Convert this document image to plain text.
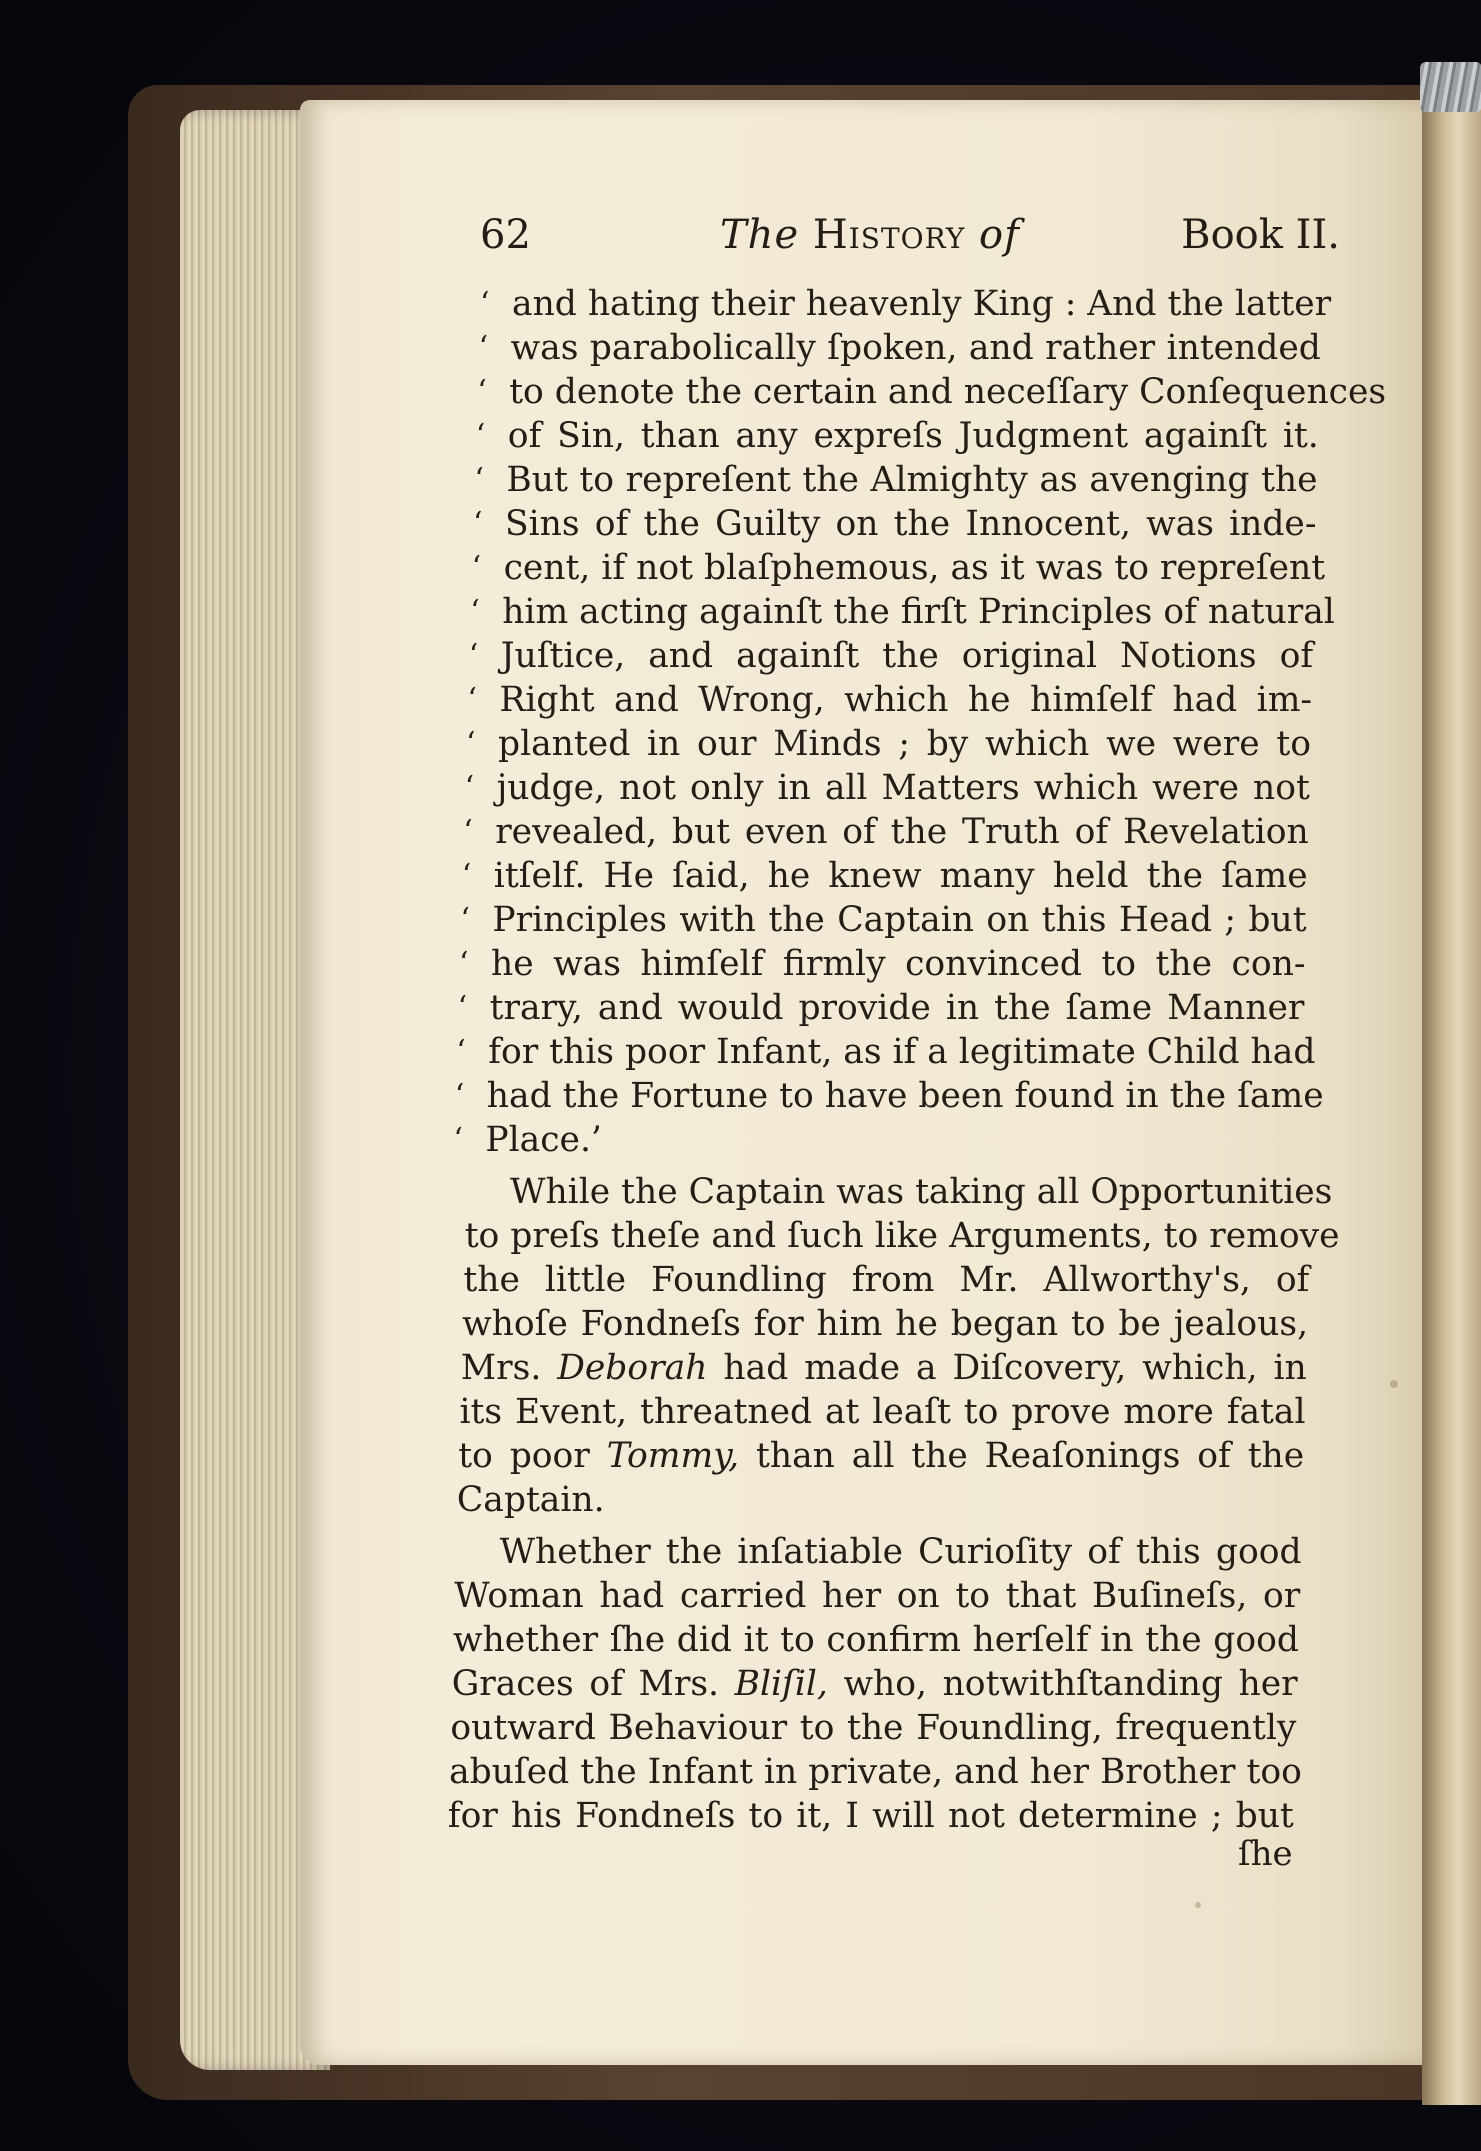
62	The History of	Book II.
‘ and hating their heavenly King : And the latter
‘ was parabolically ſpoken, and rather intended
‘ to denote the certain and neceſſary Conſequences
‘ of Sin, than any expreſs Judgment againſt it.
‘ But to repreſent the Almighty as avenging the
‘ Sins of the Guilty on the Innocent, was inde-
‘ cent, if not blaſphemous, as it was to repreſent
‘ him acting againſt the firſt Principles of natural
‘ Juſtice, and againſt the original Notions of
‘ Right and Wrong, which he himſelf had im-
‘ planted in our Minds ; by which we were to
‘ judge, not only in all Matters which were not
‘ revealed, but even of the Truth of Revelation
‘ itſelf. He ſaid, he knew many held the ſame
‘ Principles with the Captain on this Head ; but
‘ he was himſelf firmly convinced to the con-
‘ trary, and would provide in the ſame Manner
‘ for this poor Infant, as if a legitimate Child had
‘ had the Fortune to have been found in the ſame
‘ Place.’
While the Captain was taking all Opportunities
to preſs theſe and ſuch like Arguments, to remove
the little Foundling from Mr. Allworthy's, of
whoſe Fondneſs for him he began to be jealous,
Mrs. Deborah had made a Diſcovery, which, in
its Event, threatned at leaſt to prove more fatal
to poor Tommy, than all the Reaſonings of the
Captain.
Whether the inſatiable Curioſity of this good
Woman had carried her on to that Buſineſs, or
whether ſhe did it to confirm herſelf in the good
Graces of Mrs. Bliſil, who, notwithſtanding her
outward Behaviour to the Foundling, frequently
abuſed the Infant in private, and her Brother too
for his Fondneſs to it, I will not determine ; but
ſhe
